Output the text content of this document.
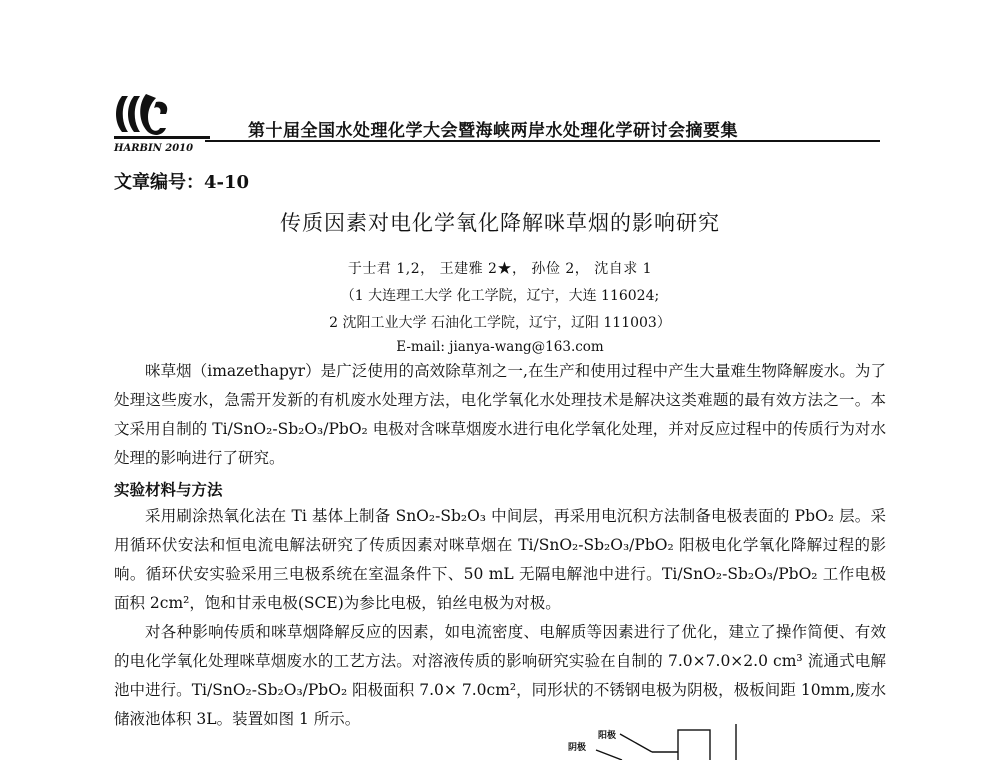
HARBIN 2010
第十届全国水处理化学大会暨海峡两岸水处理化学研讨会摘要集
文章编号：4-10
传质因素对电化学氧化降解咪草烟的影响研究
于士君 1,2， 王建雅 2★， 孙俭 2， 沈自求 1
（1 大连理工大学 化工学院，辽宁，大连 116024;
2 沈阳工业大学 石油化工学院，辽宁，辽阳 111003）
E-mail: jianya-wang@163.com

咪草烟（imazethapyr）是广泛使用的高效除草剂之一,在生产和使用过程中产生大量难生物降解废水。为了处理这些废水，急需开发新的有机废水处理方法，电化学氧化水处理技术是解决这类难题的最有效方法之一。本文采用自制的 Ti/SnO₂-Sb₂O₃/PbO₂ 电极对含咪草烟废水进行电化学氧化处理，并对反应过程中的传质行为对水处理的影响进行了研究。

实验材料与方法

采用刷涂热氧化法在 Ti 基体上制备 SnO₂-Sb₂O₃ 中间层，再采用电沉积方法制备电极表面的 PbO₂ 层。采用循环伏安法和恒电流电解法研究了传质因素对咪草烟在 Ti/SnO₂-Sb₂O₃/PbO₂ 阳极电化学氧化降解过程的影响。循环伏安实验采用三电极系统在室温条件下、50 mL 无隔电解池中进行。Ti/SnO₂-Sb₂O₃/PbO₂ 工作电极面积 2cm²，饱和甘汞电极(SCE)为参比电极，铂丝电极为对极。

对各种影响传质和咪草烟降解反应的因素，如电流密度、电解质等因素进行了优化，建立了操作简便、有效的电化学氧化处理咪草烟废水的工艺方法。对溶液传质的影响研究实验在自制的 7.0×7.0×2.0 cm³ 流通式电解池中进行。Ti/SnO₂-Sb₂O₃/PbO₂ 阳极面积 7.0× 7.0cm²，同形状的不锈钢电极为阴极，极板间距 10mm,废水储液池体积 3L。装置如图 1 所示。

阳极
阴极
